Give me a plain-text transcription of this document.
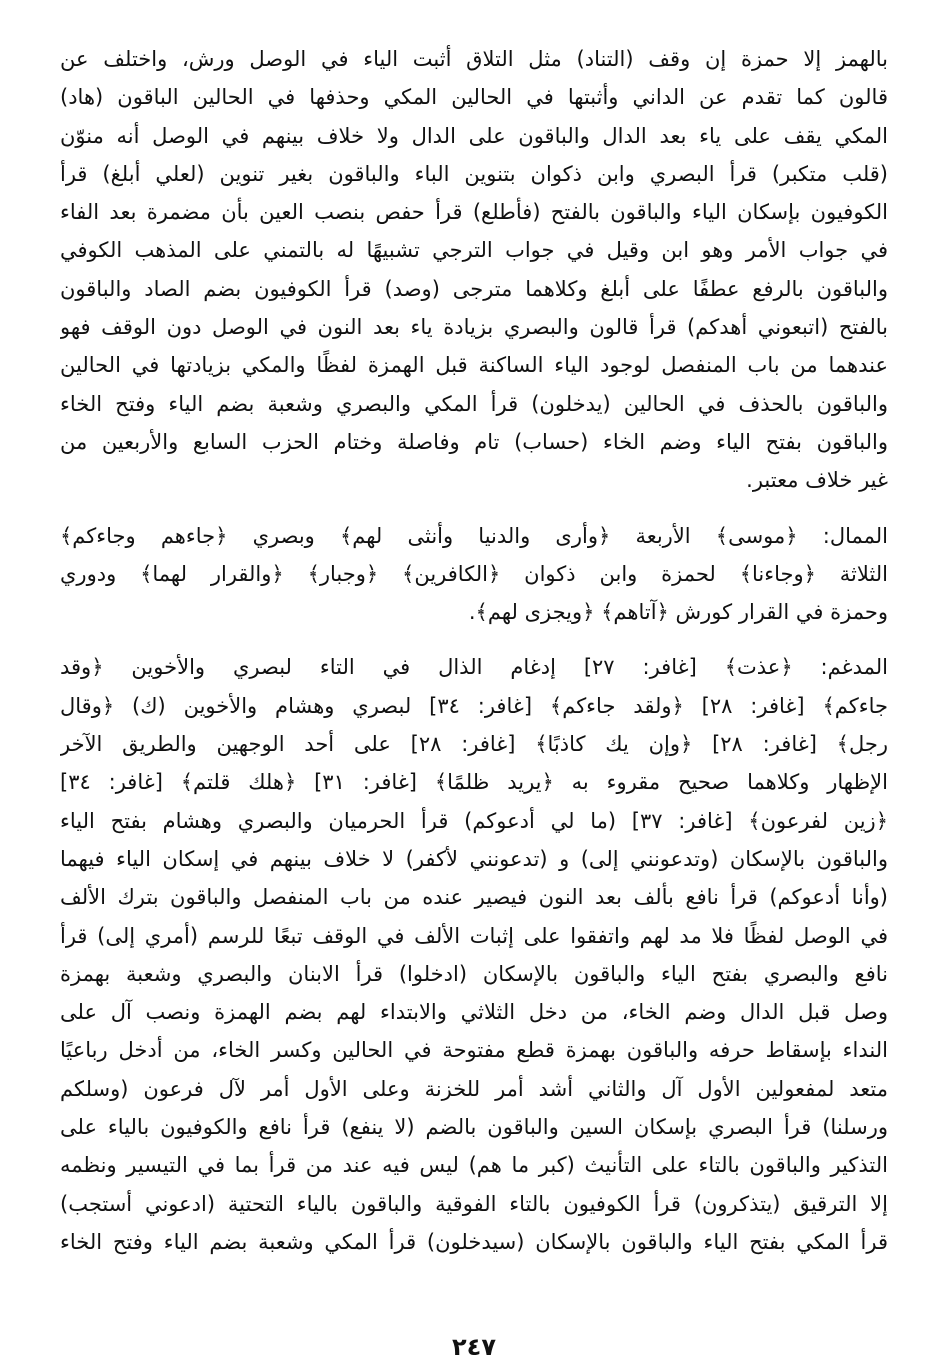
بالهمز إلا حمزة إن وقف (التناد) مثل التلاق أثبت الياء في الوصل ورش، واختلف عن
قالون كما تقدم عن الداني وأثبتها في الحالين المكي وحذفها في الحالين الباقون (هاد)
المكي يقف على ياء بعد الدال والباقون على الدال ولا خلاف بينهم في الوصل أنه منوّن
(قلب متكبر) قرأ البصري وابن ذكوان بتنوين الباء والباقون بغير تنوين (لعلي أبلغ) قرأ
الكوفيون بإسكان الياء والباقون بالفتح (فأطلع) قرأ حفص بنصب العين بأن مضمرة بعد الفاء
في جواب الأمر وهو ابن وقيل في جواب الترجي تشبيهًا له بالتمني على المذهب الكوفي
والباقون بالرفع عطفًا على أبلغ وكلاهما مترجى (وصد) قرأ الكوفيون بضم الصاد والباقون
بالفتح (اتبعوني أهدكم) قرأ قالون والبصري بزيادة ياء بعد النون في الوصل دون الوقف فهو
عندهما من باب المنفصل لوجود الياء الساكنة قبل الهمزة لفظًا والمكي بزيادتها في الحالين
والباقون بالحذف في الحالين (يدخلون) قرأ المكي والبصري وشعبة بضم الياء وفتح الخاء
والباقون بفتح الياء وضم الخاء (حساب) تام وفاصلة وختام الحزب السابع والأربعين من
غير خلاف معتبر.
الممال: ﴿موسى﴾ الأربعة ﴿وأرى والدنيا وأنثى لهم﴾ وبصري ﴿جاءهم وجاءكم﴾
الثلاثة ﴿وجاءنا﴾ لحمزة وابن ذكوان ﴿الكافرين﴾ ﴿وجبار﴾ ﴿والقرار لهما﴾ ودوري
وحمزة في القرار كورش ﴿آتاهم﴾ ﴿ويجزى لهم﴾.
المدغم: ﴿عذت﴾ [غافر: ٢٧] إدغام الذال في التاء لبصري والأخوين ﴿وقد
جاءكم﴾ [غافر: ٢٨] ﴿ولقد جاءكم﴾ [غافر: ٣٤] لبصري وهشام والأخوين (ك) ﴿وقال
رجل﴾ [غافر: ٢٨] ﴿وإن يك كاذبًا﴾ [غافر: ٢٨] على أحد الوجهين والطريق الآخر
الإظهار وكلاهما صحيح مقروء به ﴿يريد ظلمًا﴾ [غافر: ٣١] ﴿هلك قلتم﴾ [غافر: ٣٤]
﴿زين لفرعون﴾ [غافر: ٣٧] (ما لي أدعوكم) قرأ الحرميان والبصري وهشام بفتح الياء
والباقون بالإسكان (وتدعونني إلى) و (تدعونني لأكفر) لا خلاف بينهم في إسكان الياء فيهما
(وأنا أدعوكم) قرأ نافع بألف بعد النون فيصير عنده من باب المنفصل والباقون بترك الألف
في الوصل لفظًا فلا مد لهم واتفقوا على إثبات الألف في الوقف تبعًا للرسم (أمري إلى) قرأ
نافع والبصري بفتح الياء والباقون بالإسكان (ادخلوا) قرأ الابنان والبصري وشعبة بهمزة
وصل قبل الدال وضم الخاء، من دخل الثلاثي والابتداء لهم بضم الهمزة ونصب آل على
النداء بإسقاط حرفه والباقون بهمزة قطع مفتوحة في الحالين وكسر الخاء، من أدخل رباعيًا
متعد لمفعولين الأول آل والثاني أشد أمر للخزنة وعلى الأول أمر لآل فرعون (وسلكم
ورسلنا) قرأ البصري بإسكان السين والباقون بالضم (لا ينفع) قرأ نافع والكوفيون بالياء على
التذكير والباقون بالتاء على التأنيث (كبر ما هم) ليس فيه عند من قرأ بما في التيسير ونظمه
إلا الترقيق (يتذكرون) قرأ الكوفيون بالتاء الفوقية والباقون بالياء التحتية (ادعوني أستجب)
قرأ المكي بفتح الياء والباقون بالإسكان (سيدخلون) قرأ المكي وشعبة بضم الياء وفتح الخاء
٢٤٧
